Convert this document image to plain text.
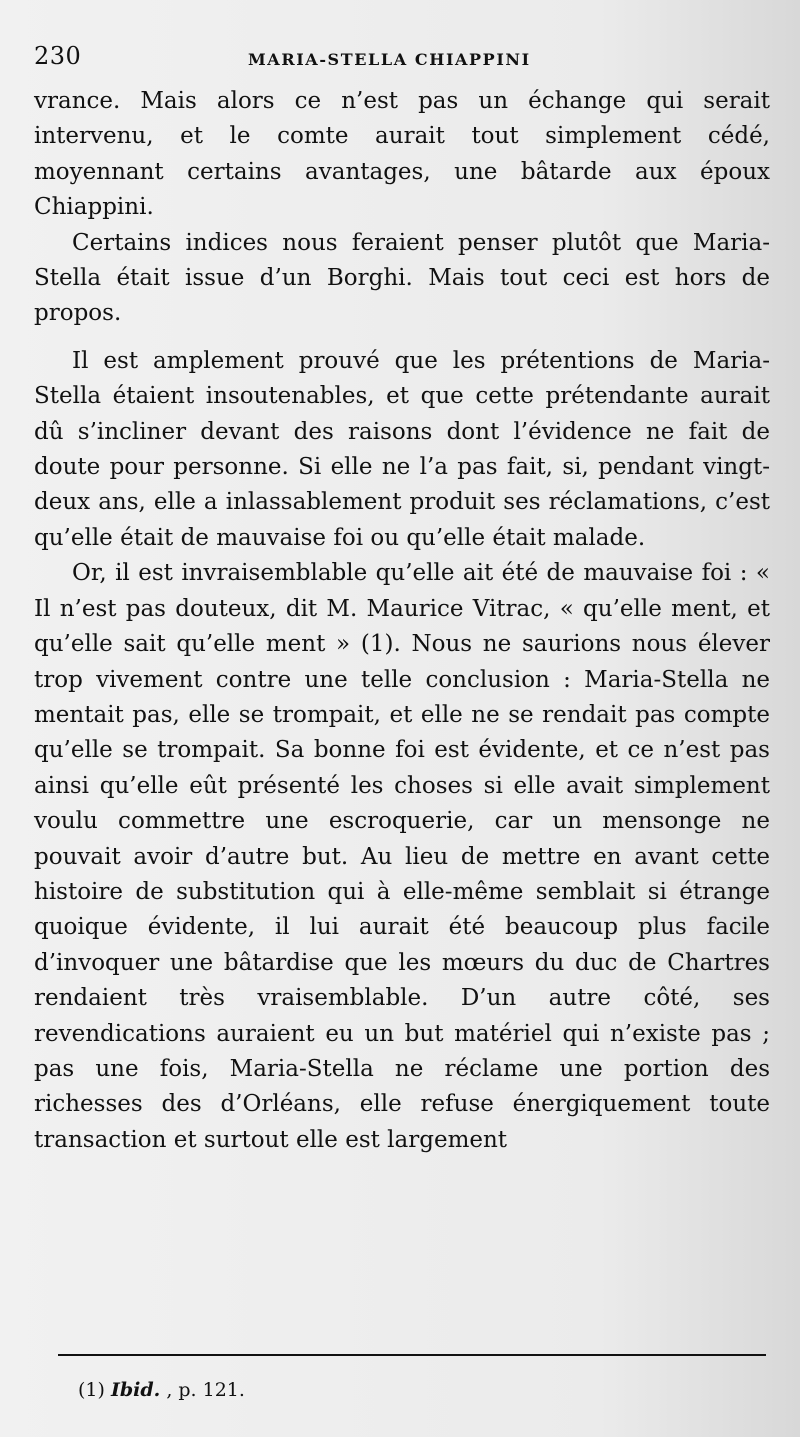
230	MARIA-STELLA CHIAPPINI

vrance. Mais alors ce n’est pas un échange qui serait intervenu, et le comte aurait tout simplement cédé, moyennant certains avantages, une bâtarde aux époux Chiappini.

Certains indices nous feraient penser plutôt que Maria-Stella était issue d’un Borghi. Mais tout ceci est hors de propos.

Il est amplement prouvé que les prétentions de Maria-Stella étaient insoutenables, et que cette prétendante aurait dû s’incliner devant des raisons dont l’évidence ne fait de doute pour personne. Si elle ne l’a pas fait, si, pendant vingt-deux ans, elle a inlassablement produit ses réclamations, c’est qu’elle était de mauvaise foi ou qu’elle était malade.

Or, il est invraisemblable qu’elle ait été de mauvaise foi : « Il n’est pas douteux, dit M. Maurice Vitrac, « qu’elle ment, et qu’elle sait qu’elle ment » (1). Nous ne saurions nous élever trop vivement contre une telle conclusion : Maria-Stella ne mentait pas, elle se trompait, et elle ne se rendait pas compte qu’elle se trompait. Sa bonne foi est évidente, et ce n’est pas ainsi qu’elle eût présenté les choses si elle avait simplement voulu commettre une escroquerie, car un mensonge ne pouvait avoir d’autre but. Au lieu de mettre en avant cette histoire de substitution qui à elle-même semblait si étrange quoique évidente, il lui aurait été beaucoup plus facile d’invoquer une bâtardise que les mœurs du duc de Chartres rendaient très vraisemblable. D’un autre côté, ses revendications auraient eu un but matériel qui n’existe pas ; pas une fois, Maria-Stella ne réclame une portion des richesses des d’Orléans, elle refuse énergiquement toute transaction et surtout elle est largement

(1) Ibid. , p. 121.
